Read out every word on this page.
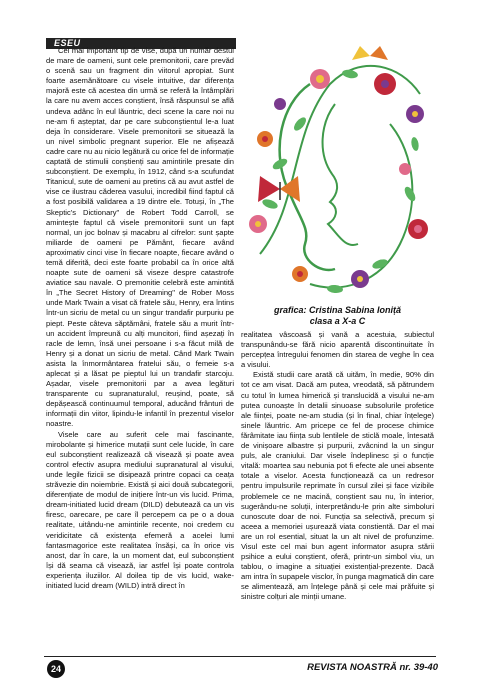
ESEU

Cel mai important tip de vise, după un număr destul de mare de oameni, sunt cele premonitorii, care prevăd o scenă sau un fragment din viitorul apropiat. Sunt foarte asemănătoare cu visele intuitive, dar diferența majoră este că acestea din urmă se referă la întâmplări la care nu avem acces conștient, însă răspunsul se află undeva adânc în eul lăuntric, deci scene la care noi nu ne-am fi așteptat, dar pe care subconștientul le-a luat deja în considerare. Visele premonitorii se situează la un nivel simbolic pregnant superior. Ele ne afișează cadre care nu au nicio legătură cu orice fel de informație captată de stimulii conștienți sau amintirile presate din subconștient. De exemplu, în 1912, când s-a scufundat Titanicul, sute de oameni au pretins că au avut astfel de vise ce ilustrau căderea vasului, incredibil fiind faptul că a fost posibilă validarea a 19 dintre ele. Totuși, în „The Skeptic's Dictionary" de Robert Todd Carroll, se amintește faptul că visele premonitorii sunt un fapt normal, un joc bolnav și macabru al cifrelor: sunt șapte miliarde de oameni pe Pământ, fiecare având aproximativ cinci vise în fiecare noapte, fiecare având o temă diferită, deci este foarte probabil ca în orice altă noapte sute de oameni să viseze despre catastrofe aviatice sau navale. O premonitie celebră este amintită în „The Secret History of Dreaming" de Rober Moss unde Mark Twain a visat că fratele său, Henry, era întins într-un sicriu de metal cu un singur trandafir purpuriu pe piept. Peste câteva săptămâni, fratele său a murit într-un accident împreună cu alți muncitori, fiind așezați în racle de lemn, însă unei persoane i s-a făcut milă de Henry și a donat un sicriu de metal. Când Mark Twain asista la înmormântarea fratelui său, o femeie s-a aplecat și a lăsat pe pieptul lui un trandafir starcoju. Așadar, visele premonitorii par a avea legături transparente cu supranaturalul, reușind, poate, să depășească continuumul temporal, aducând frânturi de informații din viitor, lipindu-le infantil în prezentul viselor noastre.

Visele care au suferit cele mai fascinante, mirobolante și himerice mutații sunt cele lucide, în care eul subconștient realizează că visează și poate avea control efectiv asupra mediului supranatural al visului, unde legile fizicii se disipează printre copaci ca ceața străvezie din noiembrie. Există și aici două subcategorii, diferențiate de modul de inițiere într-un vis lucid. Prima, dream-initiated lucid dream (DILD) debutează ca un vis firesc, oarecare, pe care îl percepem ca pe o a doua realitate, uitându-ne amintirile recente, noi credem cu veridicitate că existența efemeră a acelei lumi fantasmagorice este realitatea însăși, ca în orice vis anost, dar în care, la un moment dat, eul subconștient își dă seama că visează, iar astfel își poate controla experiența iluziilor. Al doilea tip de vis lucid, wake-initiated lucid dream (WILD) intră direct în

grafica: Cristina Sabina Ioniță
clasa a X-a C

realitatea vâscoasă și vană a acestuia, subiectul transpunându-se fără nicio aparentă discontinuitate în percepțea întregului fenomen din starea de veghe în cea a visului.

Există studii care arată că uităm, în medie, 90% din tot ce am visat. Dacă am putea, vreodată, să pătrundem cu totul în lumea himerică și translucidă a visului ne-am putea cunoaște în detalii sinuoase subsolurile profetice ale ființei, poate ne-am studia (și în final, chiar înțelege) sinele lăuntric. Am pricepe ce fel de procese chimice fărâmitate iau ființa sub lentilele de sticlă moale, întesată de vinișoare albastre și purpurii, zvâcnind la un singur puls, ale craniului. Dar visele îndeplinesc și o funcție vitală: moartea sau nebunia pot fi efecte ale unei absente totale a viselor. Acesta funcționează ca un redresor pentru impulsurile reprimate în cursul zilei și face vizibile problemele ce ne macină, conștient sau nu, în interior, sugerându-ne soluții, interpretându-le prin alte simboluri cunoscute doar de noi. Funcția sa selectivă, precum și aceea a memoriei ușurează viata constientă. Dar el mai are un rol esential, situat la un alt nivel de profunzime. Visul este cel mai bun agent informator asupra stării psihice a eului conștient, oferă, printr-un simbol viu, un tablou, o imagine a situației existențial-prezente. Dacă am intra în supapele visclor, în punga magmatică din care se alimentează, am înțelege până și cele mai prăfuite și sinistre colțuri ale minții umane.

24	REVISTA NOASTRĂ nr. 39-40
